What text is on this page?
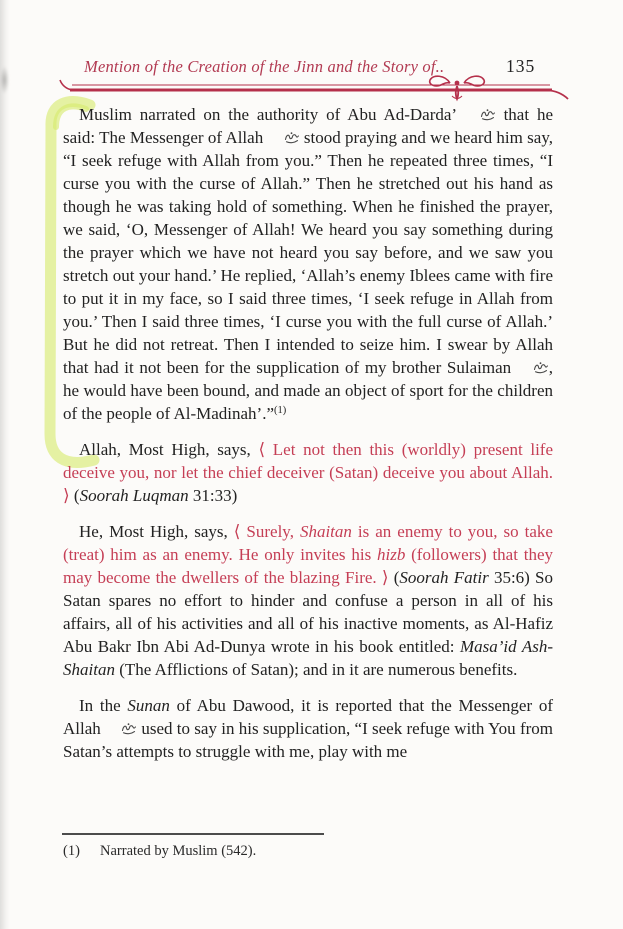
Mention of the Creation of the Jinn and the Story of..	135

Muslim narrated on the authority of Abu Ad-Darda’  that he said: The Messenger of Allah  stood praying and we heard him say, “I seek refuge with Allah from you.” Then he repeated three times, “I curse you with the curse of Allah.” Then he stretched out his hand as though he was taking hold of something. When he finished the prayer, we said, ‘O, Messenger of Allah! We heard you say something during the prayer which we have not heard you say before, and we saw you stretch out your hand.’ He replied, ‘Allah’s enemy Iblees came with fire to put it in my face, so I said three times, ‘I seek refuge in Allah from you.’ Then I said three times, ‘I curse you with the full curse of Allah.’ But he did not retreat. Then I intended to seize him. I swear by Allah that had it not been for the supplication of my brother Sulaiman , he would have been bound, and made an object of sport for the children of the people of Al-Madinah’.”$^{(1)}$

Allah, Most High, says, ⟨ Let not then this (worldly) present life deceive you, nor let the chief deceiver (Satan) deceive you about Allah. ⟩ (Soorah Luqman 31:33)

He, Most High, says, ⟨ Surely, Shaitan is an enemy to you, so take (treat) him as an enemy. He only invites his hizb (followers) that they may become the dwellers of the blazing Fire. ⟩ (Soorah Fatir 35:6) So Satan spares no effort to hinder and confuse a person in all of his affairs, all of his activities and all of his inactive moments, as Al-Hafiz Abu Bakr Ibn Abi Ad-Dunya wrote in his book entitled: Masa’id Ash-Shaitan (The Afflictions of Satan); and in it are numerous benefits.

In the Sunan of Abu Dawood, it is reported that the Messenger of Allah  used to say in his supplication, “I seek refuge with You from Satan’s attempts to struggle with me, play with me

(1)	Narrated by Muslim (542).
